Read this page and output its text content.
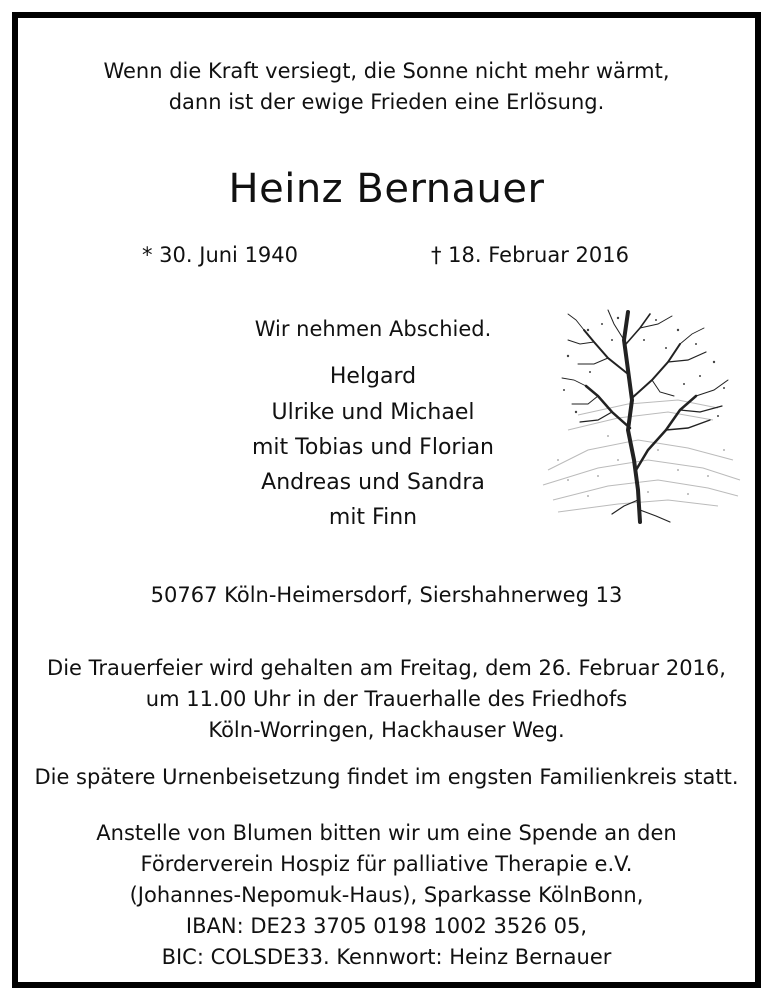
Wenn die Kraft versiegt, die Sonne nicht mehr wärmt,
dann ist der ewige Frieden eine Erlösung.
Heinz Bernauer
* 30. Juni 1940	† 18. Februar 2016
Wir nehmen Abschied.
Helgard
Ulrike und Michael
mit Tobias und Florian
Andreas und Sandra
mit Finn
50767 Köln-Heimersdorf, Siershahnerweg 13
Die Trauerfeier wird gehalten am Freitag, dem 26. Februar 2016,
um 11.00 Uhr in der Trauerhalle des Friedhofs
Köln-Worringen, Hackhauser Weg.
Die spätere Urnenbeisetzung findet im engsten Familienkreis statt.
Anstelle von Blumen bitten wir um eine Spende an den
Förderverein Hospiz für palliative Therapie e.V.
(Johannes-Nepomuk-Haus), Sparkasse KölnBonn,
IBAN: DE23 3705 0198 1002 3526 05,
BIC: COLSDE33. Kennwort: Heinz Bernauer
